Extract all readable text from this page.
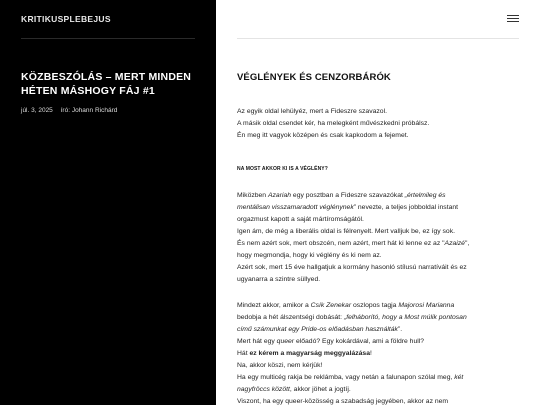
KRITIKUSPLEBEJUS
KÖZBESZÓLÁS – MERT MINDEN HÉTEN MÁSHOGY FÁJ #1
júl. 3, 2025 író: Johann Richárd
VÉGLÉNYEK ÉS CENZORBÁRÓK

Az egyik oldal lehülyéz, mert a Fideszre szavazol.

A másik oldal csendet kér, ha melegként művészkedni próbálsz.

Én meg itt vagyok középen és csak kapkodom a fejemet.

NA MOST AKKOR KI IS A VÉGLÉNY?

Miközben Azariah egy posztban a Fideszre szavazókat „értelmileg és

mentálisan visszamaradott véglénynek” nevezte, a teljes jobboldal instant

orgazmust kapott a saját mártíromságától.

Igen ám, de még a liberális oldal is félrenyelt. Mert valljuk be, ez így sok.

És nem azért sok, mert obszcén, nem azért, mert hát ki lenne ez az "Azaizé",

hogy megmondja, hogy ki véglény és ki nem az.

Azért sok, mert 15 éve hallgatjuk a kormány hasonló stílusú narratíváit és ez

ugyanarra a szintre süllyed.

Mindezt akkor, amikor a Csík Zenekar oszlopos tagja Majorosi Marianna

bedobja a hét álszentségi dobását: „felháborító, hogy a Most múlik pontosan

című számunkat egy Pride-os előadásban használták”.

Mert hát egy queer előadó? Egy kokárdával, ami a földre hull?

Hát ez kérem a magyarság meggyalázása!

Na, akkor köszi, nem kérjük!

Ha egy multicég rakja be reklámba, vagy netán a falunapon szólal meg, két

nagyfröccs között, akkor jöhet a jogtíj.

Viszont, ha egy queer-közösség a szabadság jegyében, akkor az nem
